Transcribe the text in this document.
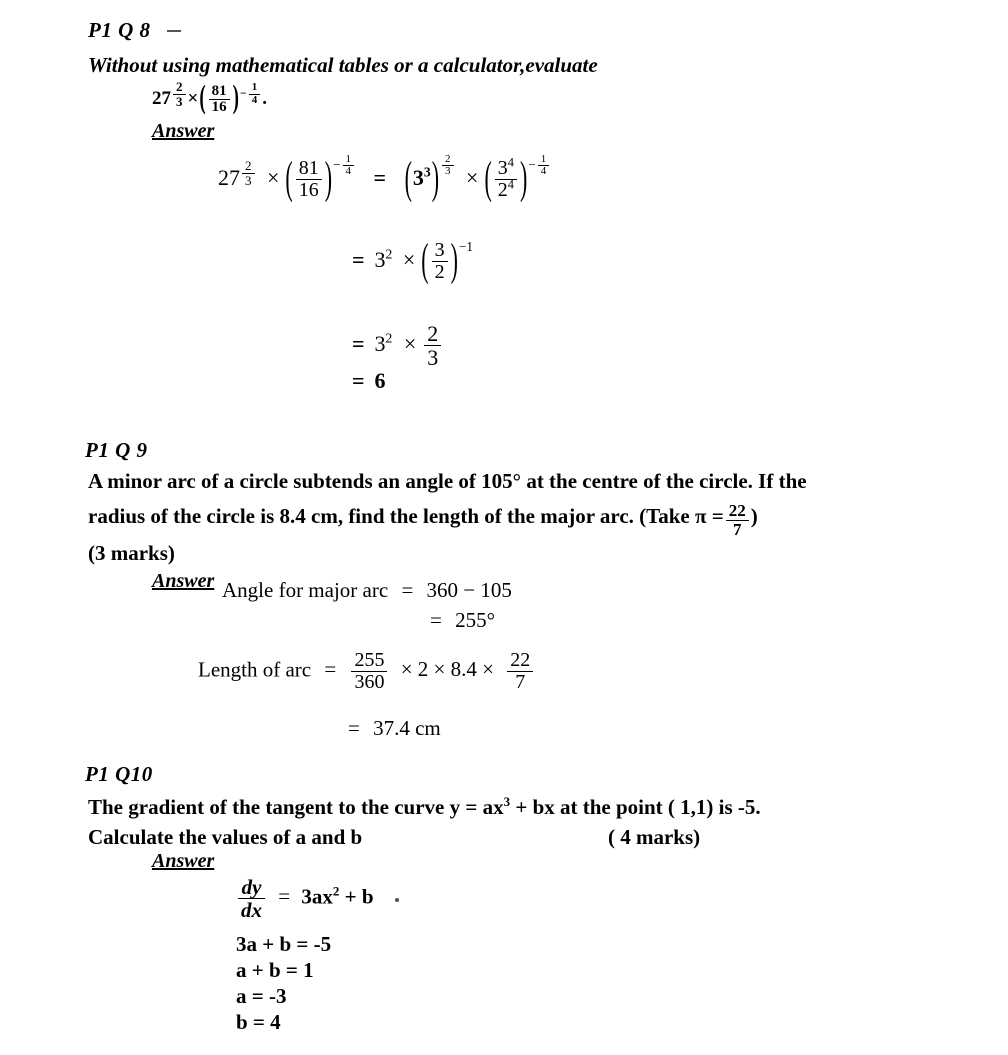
P1 Q 8
Without using mathematical tables or a calculator,evaluate
27 $^{\frac{2}{3}}$ ×( $\frac{81}{16} )^{- \frac{1}{4}}$ .
Answer
27 $^{\frac{2}{3}}$ × ( $\frac{81}{16} )^{- \frac{1}{4}} = (3^3)$ $^{\frac{2}{3}}$ × ( $\frac{3^4}{2^4} )^{- \frac{1}{4}}$
= $3^2$ × ( $\frac{3}{2} )^{-1}$
= $3^2 \times \frac{2}{3}$
= 6
P1 Q 9
A minor arc of a circle subtends an angle of 105° at the centre of the circle. If the
radius of the circle is 8.4 cm, find the length of the major arc. (Take $\pi = \frac{22}{7}$ )
(3 marks)
Answer Angle for major arc = 360 − 105
= 255°
Length of arc = $\frac{255}{360} \times 2 \times 8.4 \times \frac{22}{7}$
= 37.4 cm
P1 Q10
The gradient of the tangent to the curve $y = ax^3$ + bx at the point ( 1,1) is -5.
Calculate the values of a and b	( 4 marks)
Answer
$\frac{dy}{dx} = 3ax^2 + b$
3a + b = -5
a + b = 1
a = -3
b = 4
